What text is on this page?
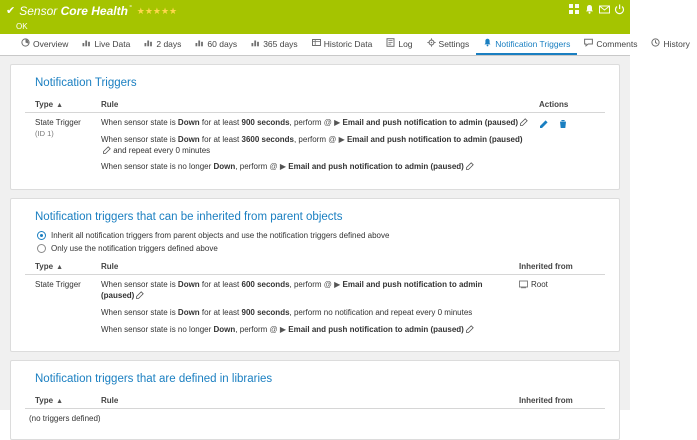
✔ Sensor Core Health° ★★★★★
OK
Overview	Live Data	2 days	60 days	365 days	Historic Data	Log	Settings	Notification Triggers	Comments	History
Notification Triggers
Type ▲	Rule	Actions

State Trigger
(ID 1)

When sensor state is Down for at least 900 seconds, perform @ ▶ Email and push notification to admin (paused)
When sensor state is Down for at least 3600 seconds, perform @ ▶ Email and push notification to admin (paused) and repeat every 0 minutes
When sensor state is no longer Down, perform @ ▶ Email and push notification to admin (paused)

Notification triggers that can be inherited from parent objects
Inherit all notification triggers from parent objects and use the notification triggers defined above
Only use the notification triggers defined above
Type ▲	Rule	Inherited from

State Trigger	When sensor state is Down for at least 600 seconds, perform @ ▶ Email and push notification to admin (paused)
When sensor state is Down for at least 900 seconds, perform no notification and repeat every 0 minutes
When sensor state is no longer Down, perform @ ▶ Email and push notification to admin (paused)	Root
Notification triggers that are defined in libraries
Type ▲	Rule	Inherited from
(no triggers defined)
